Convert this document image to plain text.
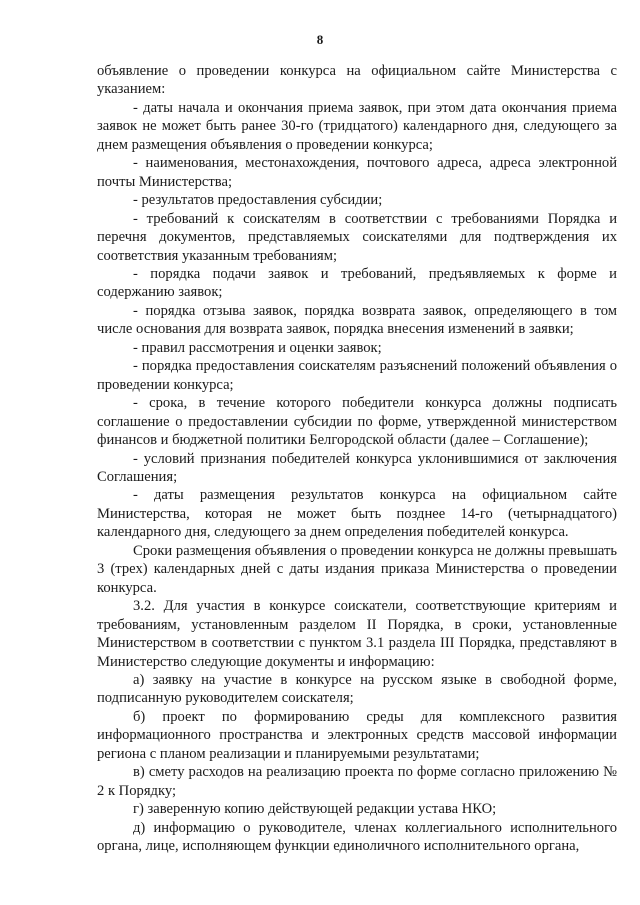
8

объявление о проведении конкурса на официальном сайте Министерства с указанием:

- даты начала и окончания приема заявок, при этом дата окончания приема заявок не может быть ранее 30-го (тридцатого) календарного дня, следующего за днем размещения объявления о проведении конкурса;

- наименования, местонахождения, почтового адреса, адреса электронной почты Министерства;

- результатов предоставления субсидии;

- требований к соискателям в соответствии с требованиями Порядка и перечня документов, представляемых соискателями для подтверждения их соответствия указанным требованиям;

- порядка подачи заявок и требований, предъявляемых к форме и содержанию заявок;

- порядка отзыва заявок, порядка возврата заявок, определяющего в том числе основания для возврата заявок, порядка внесения изменений в заявки;

- правил рассмотрения и оценки заявок;

- порядка предоставления соискателям разъяснений положений объявления о проведении конкурса;

- срока, в течение которого победители конкурса должны подписать соглашение о предоставлении субсидии по форме, утвержденной министерством финансов и бюджетной политики Белгородской области (далее – Соглашение);

- условий признания победителей конкурса уклонившимися от заключения Соглашения;

- даты размещения результатов конкурса на официальном сайте Министерства, которая не может быть позднее 14-го (четырнадцатого) календарного дня, следующего за днем определения победителей конкурса.

Сроки размещения объявления о проведении конкурса не должны превышать 3 (трех) календарных дней с даты издания приказа Министерства о проведении конкурса.

3.2. Для участия в конкурсе соискатели, соответствующие критериям и требованиям, установленным разделом II Порядка, в сроки, установленные Министерством в соответствии с пунктом 3.1 раздела III Порядка, представляют в Министерство следующие документы и информацию:

а) заявку на участие в конкурсе на русском языке в свободной форме, подписанную руководителем соискателя;

б) проект по формированию среды для комплексного развития информационного пространства и электронных средств массовой информации региона с планом реализации и планируемыми результатами;

в) смету расходов на реализацию проекта по форме согласно приложению № 2 к Порядку;

г) заверенную копию действующей редакции устава НКО;

д) информацию о руководителе, членах коллегиального исполнительного органа, лице, исполняющем функции единоличного исполнительного органа,
